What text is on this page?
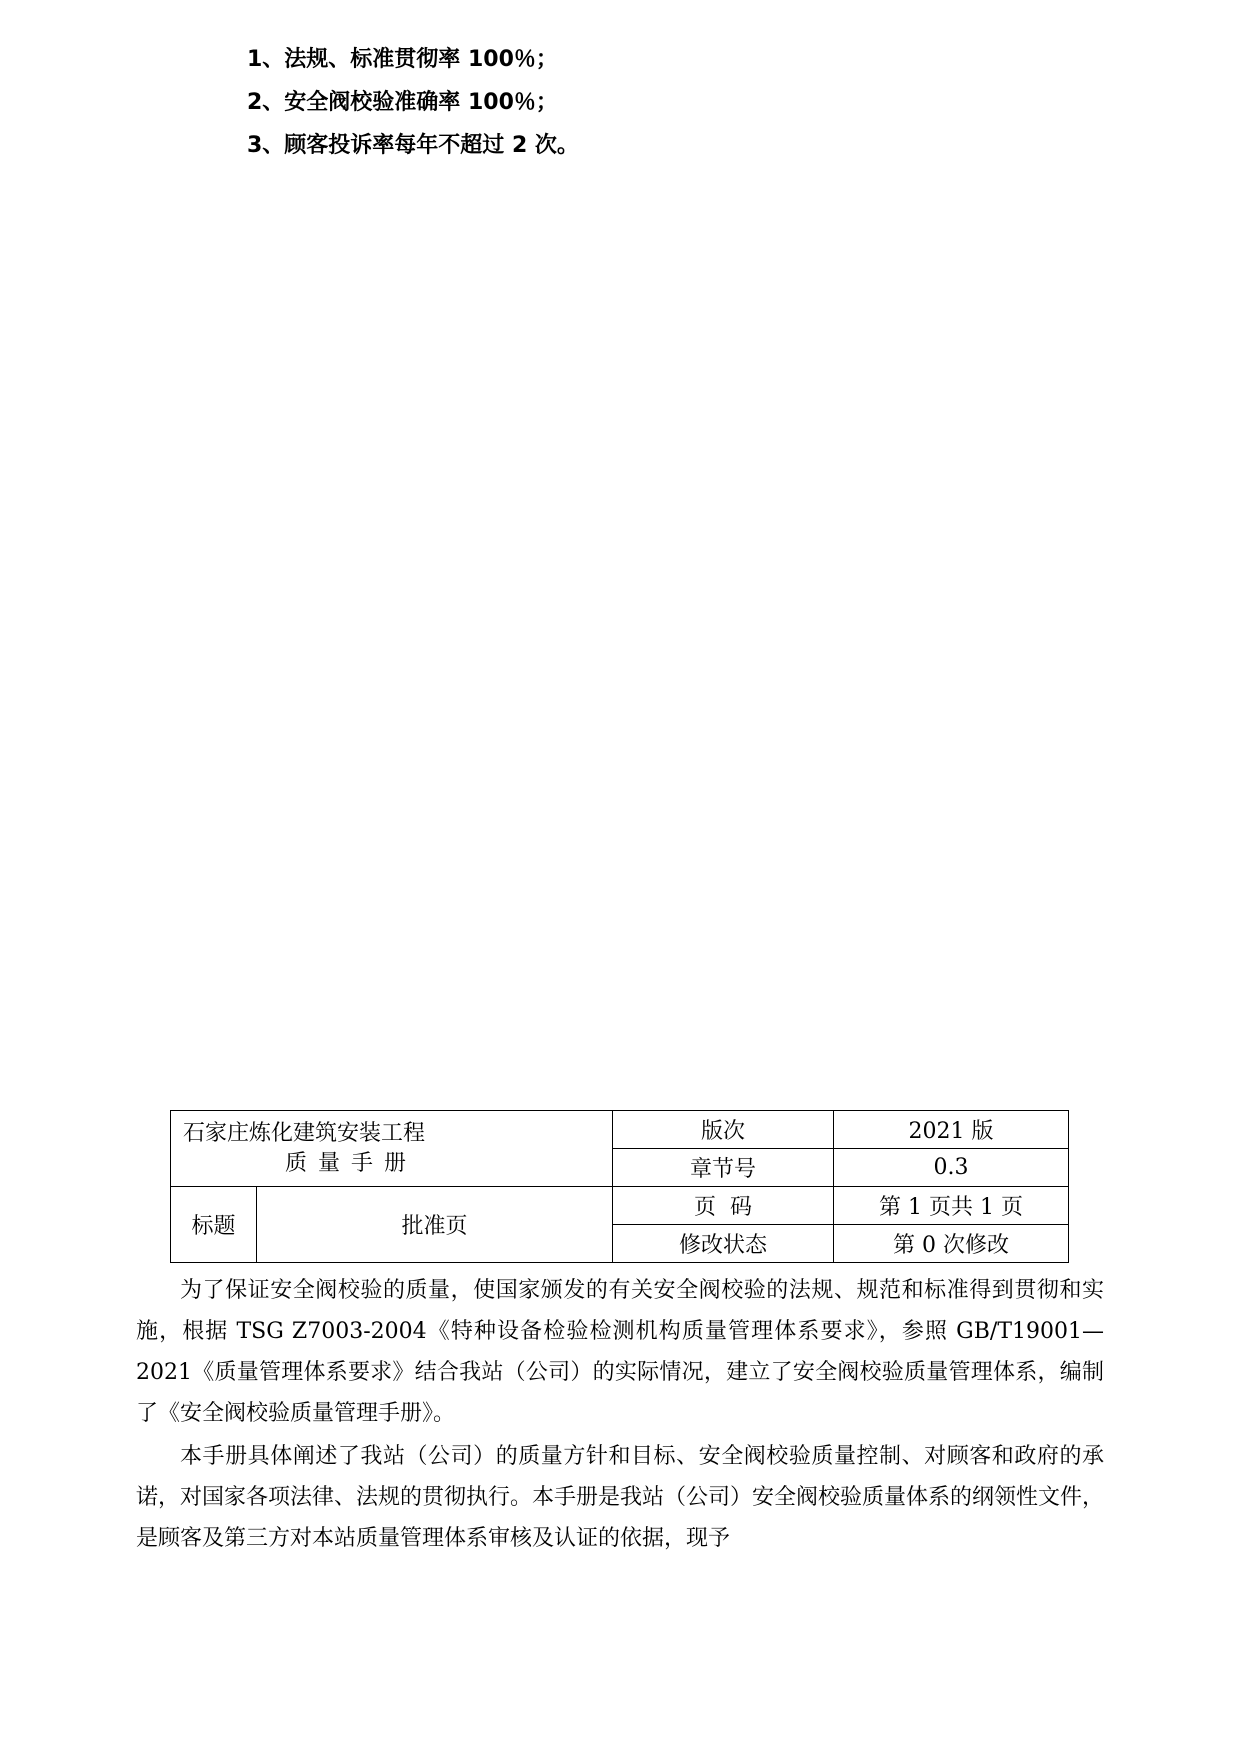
1、法规、标准贯彻率 100％；
2、安全阀校验准确率 100％；
3、顾客投诉率每年不超过 2 次。
石家庄炼化建筑安装工程
质 量 手 册		版次	2021 版
		章节号	0.3
标题	批准页	页  码	第 1 页共 1 页
		修改状态	第 0 次修改

为了保证安全阀校验的质量，使国家颁发的有关安全阀校验的法规、规范和标准得到贯彻和实施，根据 TSG Z7003-2004《特种设备检验检测机构质量管理体系要求》，参照 GB/T19001—2021《质量管理体系要求》结合我站（公司）的实际情况，建立了安全阀校验质量管理体系，编制了《安全阀校验质量管理手册》。

本手册具体阐述了我站（公司）的质量方针和目标、安全阀校验质量控制、对顾客和政府的承诺，对国家各项法律、法规的贯彻执行。本手册是我站（公司）安全阀校验质量体系的纲领性文件，是顾客及第三方对本站质量管理体系审核及认证的依据，现予
